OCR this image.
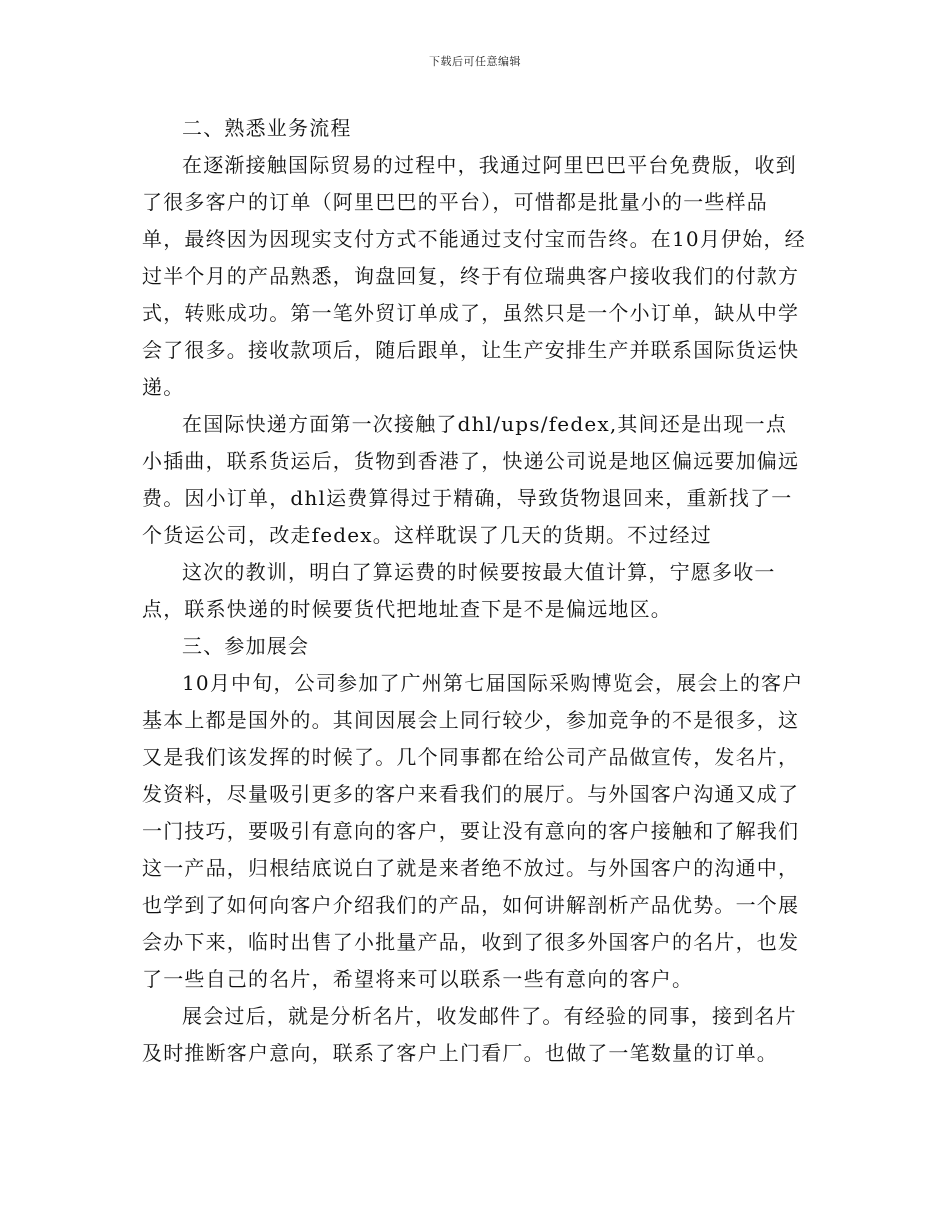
下载后可任意编辑

二、熟悉业务流程

在逐渐接触国际贸易的过程中，我通过阿里巴巴平台免费版，收到了很多客户的订单（阿里巴巴的平台），可惜都是批量小的一些样品单，最终因为因现实支付方式不能通过支付宝而告终。在10月伊始，经过半个月的产品熟悉，询盘回复，终于有位瑞典客户接收我们的付款方式，转账成功。第一笔外贸订单成了，虽然只是一个小订单，缺从中学会了很多。接收款项后，随后跟单，让生产安排生产并联系国际货运快递。

在国际快递方面第一次接触了dhl/ups/fedex,其间还是出现一点小插曲，联系货运后，货物到香港了，快递公司说是地区偏远要加偏远费。因小订单，dhl运费算得过于精确，导致货物退回来，重新找了一个货运公司，改走fedex。这样耽误了几天的货期。不过经过

这次的教训，明白了算运费的时候要按最大值计算，宁愿多收一点，联系快递的时候要货代把地址查下是不是偏远地区。

三、参加展会

10月中旬，公司参加了广州第七届国际采购博览会，展会上的客户基本上都是国外的。其间因展会上同行较少，参加竞争的不是很多，这又是我们该发挥的时候了。几个同事都在给公司产品做宣传，发名片，发资料，尽量吸引更多的客户来看我们的展厅。与外国客户沟通又成了一门技巧，要吸引有意向的客户，要让没有意向的客户接触和了解我们这一产品，归根结底说白了就是来者绝不放过。与外国客户的沟通中，也学到了如何向客户介绍我们的产品，如何讲解剖析产品优势。一个展会办下来，临时出售了小批量产品，收到了很多外国客户的名片，也发了一些自己的名片，希望将来可以联系一些有意向的客户。

展会过后，就是分析名片，收发邮件了。有经验的同事，接到名片及时推断客户意向，联系了客户上门看厂。也做了一笔数量的订单。
